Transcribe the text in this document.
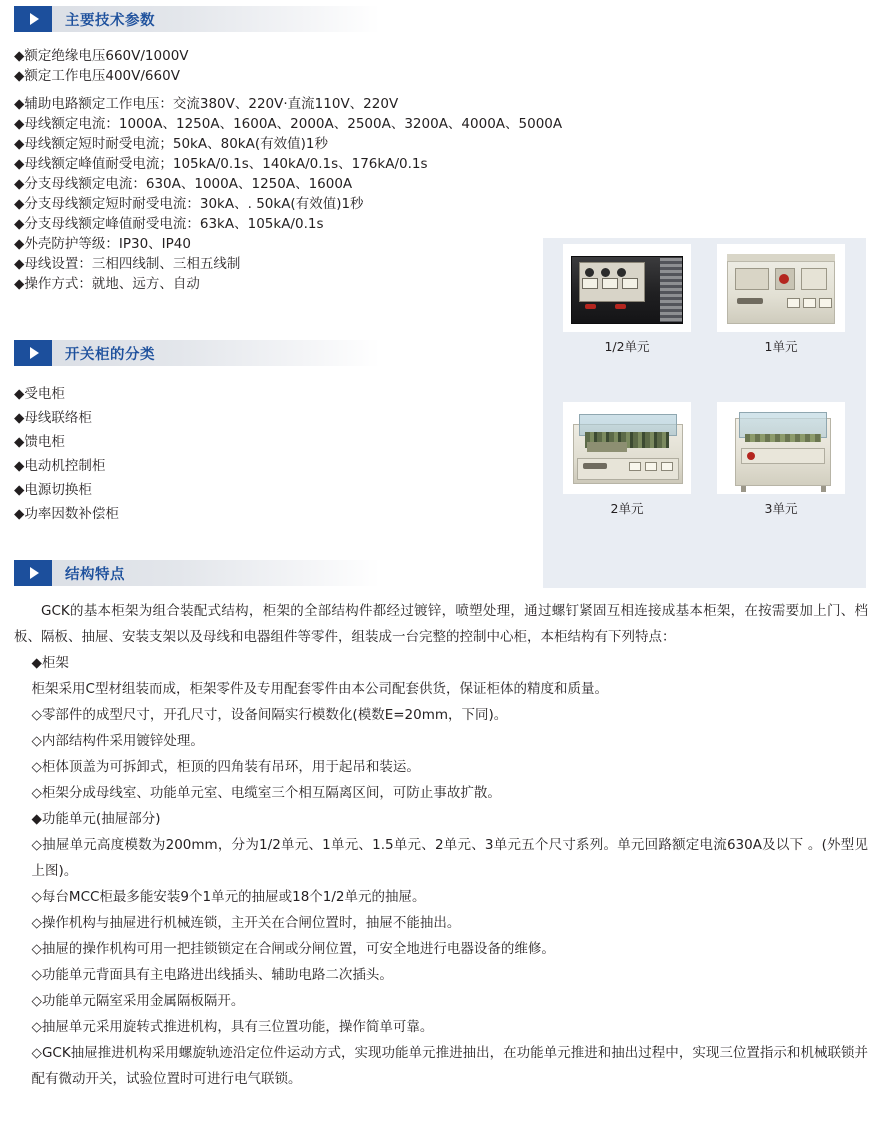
主要技术参数
◆额定绝缘电压660V/1000V
◆额定工作电压400V/660V
◆辅助电路额定工作电压：交流380V、220V·直流110V、220V
◆母线额定电流：1000A、1250A、1600A、2000A、2500A、3200A、4000A、5000A
◆母线额定短时耐受电流；50kA、80kA(有效值)1秒
◆母线额定峰值耐受电流；105kA/0.1s、140kA/0.1s、176kA/0.1s
◆分支母线额定电流：630A、1000A、1250A、1600A
◆分支母线额定短时耐受电流：30kA、. 50kA(有效值)1秒
◆分支母线额定峰值耐受电流：63kA、105kA/0.1s
◆外壳防护等级：IP30、IP40
◆母线设置：三相四线制、三相五线制
◆操作方式：就地、远方、自动
1/2单元	1单元
2单元	3单元
开关柜的分类
◆受电柜
◆母线联络柜
◆馈电柜
◆电动机控制柜
◆电源切换柜
◆功率因数补偿柜
结构特点

GCK的基本柜架为组合装配式结构，柜架的全部结构件都经过镀锌，喷塑处理，通过螺钉紧固互相连接成基本柜架，在按需要加上门、档板、隔板、抽屉、安装支架以及母线和电器组件等零件，组装成一台完整的控制中心柜，本柜结构有下列特点：

◆柜架

柜架采用C型材组装而成，柜架零件及专用配套零件由本公司配套供货，保证柜体的精度和质量。

◇零部件的成型尺寸，开孔尺寸，设备间隔实行模数化(模数E=20mm，下同)。

◇内部结构件采用镀锌处理。

◇柜体顶盖为可拆卸式，柜顶的四角装有吊环，用于起吊和装运。

◇柜架分成母线室、功能单元室、电缆室三个相互隔离区间，可防止事故扩散。

◆功能单元(抽屉部分)

◇抽屉单元高度模数为200mm，分为1/2单元、1单元、1.5单元、2单元、3单元五个尺寸系列。单元回路额定电流630A及以下 。(外型见上图)。

◇每台MCC柜最多能安装9个1单元的抽屉或18个1/2单元的抽屉。

◇操作机构与抽屉进行机械连锁，主开关在合闸位置时，抽屉不能抽出。

◇抽屉的操作机构可用一把挂锁锁定在合闸或分闸位置，可安全地进行电器设备的维修。

◇功能单元背面具有主电路进出线插头、辅助电路二次插头。

◇功能单元隔室采用金属隔板隔开。

◇抽屉单元采用旋转式推进机构，具有三位置功能，操作简单可靠。

◇GCK抽屉推进机构采用螺旋轨迹沿定位件运动方式，实现功能单元推进抽出，在功能单元推进和抽出过程中，实现三位置指示和机械联锁并配有微动开关，试验位置时可进行电气联锁。
